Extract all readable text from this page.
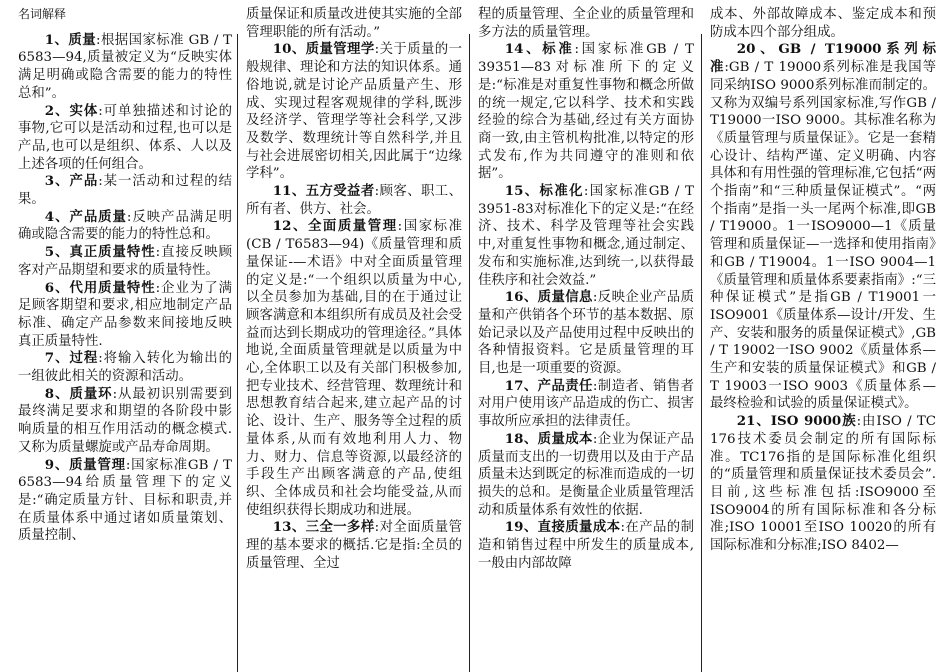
名词解释

1、质量:根据国家标准 GB / T 6583—94,质量被定义为“反映实体满足明确或隐含需要的能力的特性总和”。

2、实体:可单独描述和讨论的事物,它可以是活动和过程,也可以是产品,也可以是组织、体系、人以及上述各项的任何组合。

3、产品:某一活动和过程的结果。

4、产品质量:反映产品满足明确或隐含需要的能力的特性总和。

5、真正质量特性:直接反映顾客对产品期望和要求的质量特性。

6、代用质量特性:企业为了满足顾客期望和要求,相应地制定产品标准、确定产品参数来间接地反映真正质量特性.

7、过程:将输入转化为输出的一组彼此相关的资源和活动。

8、质量环:从最初识别需要到最终满足要求和期望的各阶段中影响质量的相互作用活动的概念模式.又称为质量螺旋或产品寿命周期。

9、质量管理:国家标准GB / T 6583—94给质量管理下的定义是:“确定质量方针、目标和职责,并在质量体系中通过诸如质量策划、质量控制、

质量保证和质量改进使其实施的全部管理职能的所有活动。”

10、质量管理学:关于质量的一般规律、理论和方法的知识体系。通俗地说,就是讨论产品质量产生、形成、实现过程客观规律的学科,既涉及经济学、管理学等社会科学,又涉及数学、数理统计等自然科学,并且与社会进展密切相关,因此属于“边缘学科”。

11、五方受益者:顾客、职工、所有者、供方、社会。

12、全面质量管理:国家标准(CB / T6583—94)《质量管理和质量保证-—术语》中对全面质量管理的定义是:“一个组织以质量为中心,以全员参加为基础,目的在于通过让顾客满意和本组织所有成员及社会受益而达到长期成功的管理途径。”具体地说,全面质量管理就是以质量为中心,全体职工以及有关部门积极参加,把专业技术、经营管理、数理统计和思想教育结合起来,建立起产品的讨论、设计、生产、服务等全过程的质量体系,从而有效地利用人力、物力、财力、信息等资源,以最经济的手段生产出顾客满意的产品,使组织、全体成员和社会均能受益,从而使组织获得长期成功和进展。

13、三全一多样:对全面质量管理的基本要求的概括.它是指:全员的质量管理、全过

程的质量管理、全企业的质量管理和多方法的质量管理。

14、标准:国家标准GB / T 39351—83对标准所下的定义是:“标准是对重复性事物和概念所做的统一规定,它以科学、技术和实践经验的综合为基础,经过有关方面协商一致,由主管机构批准,以特定的形式发布,作为共同遵守的准则和依据”。

15、标准化:国家标准GB / T 3951-83对标准化下的定义是:“在经济、技术、科学及管理等社会实践中,对重复性事物和概念,通过制定、发布和实施标准,达到统一,以获得最佳秩序和社会效益.”

16、质量信息:反映企业产品质量和产供销各个环节的基本数据、原始记录以及产品使用过程中反映出的各种情报资料。它是质量管理的耳目,也是一项重要的资源。

17、产品责任:制造者、销售者对用户使用该产品造成的伤亡、损害事故所应承担的法律责任。

18、质量成本:企业为保证产品质量而支出的一切费用以及由于产品质量未达到既定的标准而造成的一切损失的总和。是衡量企业质量管理活动和质量体系有效性的依据.

19、直接质量成本:在产品的制造和销售过程中所发生的质量成本,一般由内部故障

成本、外部故障成本、鉴定成本和预防成本四个部分组成。

20、GB / T19000系列标准:GB / T 19000系列标准是我国等同采纳ISO 9000系列标准而制定的。又称为双编号系列国家标准,写作GB / T19000一ISO 9000。其标准名称为《质量管理与质量保证》。它是一套精心设计、结构严谨、定义明确、内容具体和有用性强的管理标准,它包括“两个指南”和“三种质量保证模式”。“两个指南”是指一头一尾两个标准,即GB / T19000。1一ISO9000—1《质量管理和质量保证—一选择和使用指南》和GB / T19004。1一ISO 9004—1《质量管理和质量体系要素指南》:“三种保证模式”是指GB / T19001一ISO9001《质量体系—设计/开发、生产、安装和服务的质量保证模式》,GB / T 19002一ISO 9002《质量体系—生产和安装的质量保证模式》和GB / T 19003一ISO 9003《质量体系—最终检验和试验的质量保证模式》。

21、ISO 9000族:由ISO / TC 176技术委员会制定的所有国际标准。TC176指的是国际标准化组织的“质量管理和质量保证技术委员会”.目前,这些标准包括:ISO9000至ISO9004的所有国际标准和各分标准;ISO 10001至ISO 10020的所有国际标准和分标准;ISO 8402—
